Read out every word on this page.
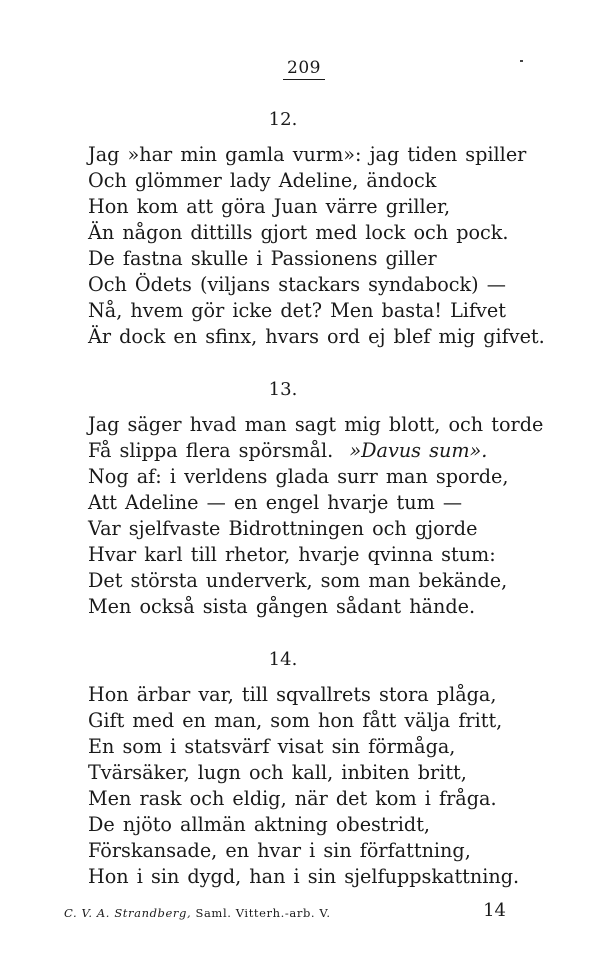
209
12.
Jag »har min gamla vurm»: jag tiden spiller
Och glömmer lady Adeline, ändock
Hon kom att göra Juan värre griller,
Än någon dittills gjort med lock och pock.
De fastna skulle i Passionens giller
Och Ödets (viljans stackars syndabock) —
Nå, hvem gör icke det? Men basta! Lifvet
Är dock en sfinx, hvars ord ej blef mig gifvet.
13.
Jag säger hvad man sagt mig blott, och torde
Få slippa flera spörsmål. »Davus sum».
Nog af: i verldens glada surr man sporde,
Att Adeline — en engel hvarje tum —
Var sjelfvaste Bidrottningen och gjorde
Hvar karl till rhetor, hvarje qvinna stum:
Det största underverk, som man bekände,
Men också sista gången sådant hände.
14.
Hon ärbar var, till sqvallrets stora plåga,
Gift med en man, som hon fått välja fritt,
En som i statsvärf visat sin förmåga,
Tvärsäker, lugn och kall, inbiten britt,
Men rask och eldig, när det kom i fråga.
De njöto allmän aktning obestridt,
Förskansade, en hvar i sin författning,
Hon i sin dygd, han i sin sjelfuppskattning.
C. V. A. Strandberg, Saml. Vitterh.-arb. V.	14
